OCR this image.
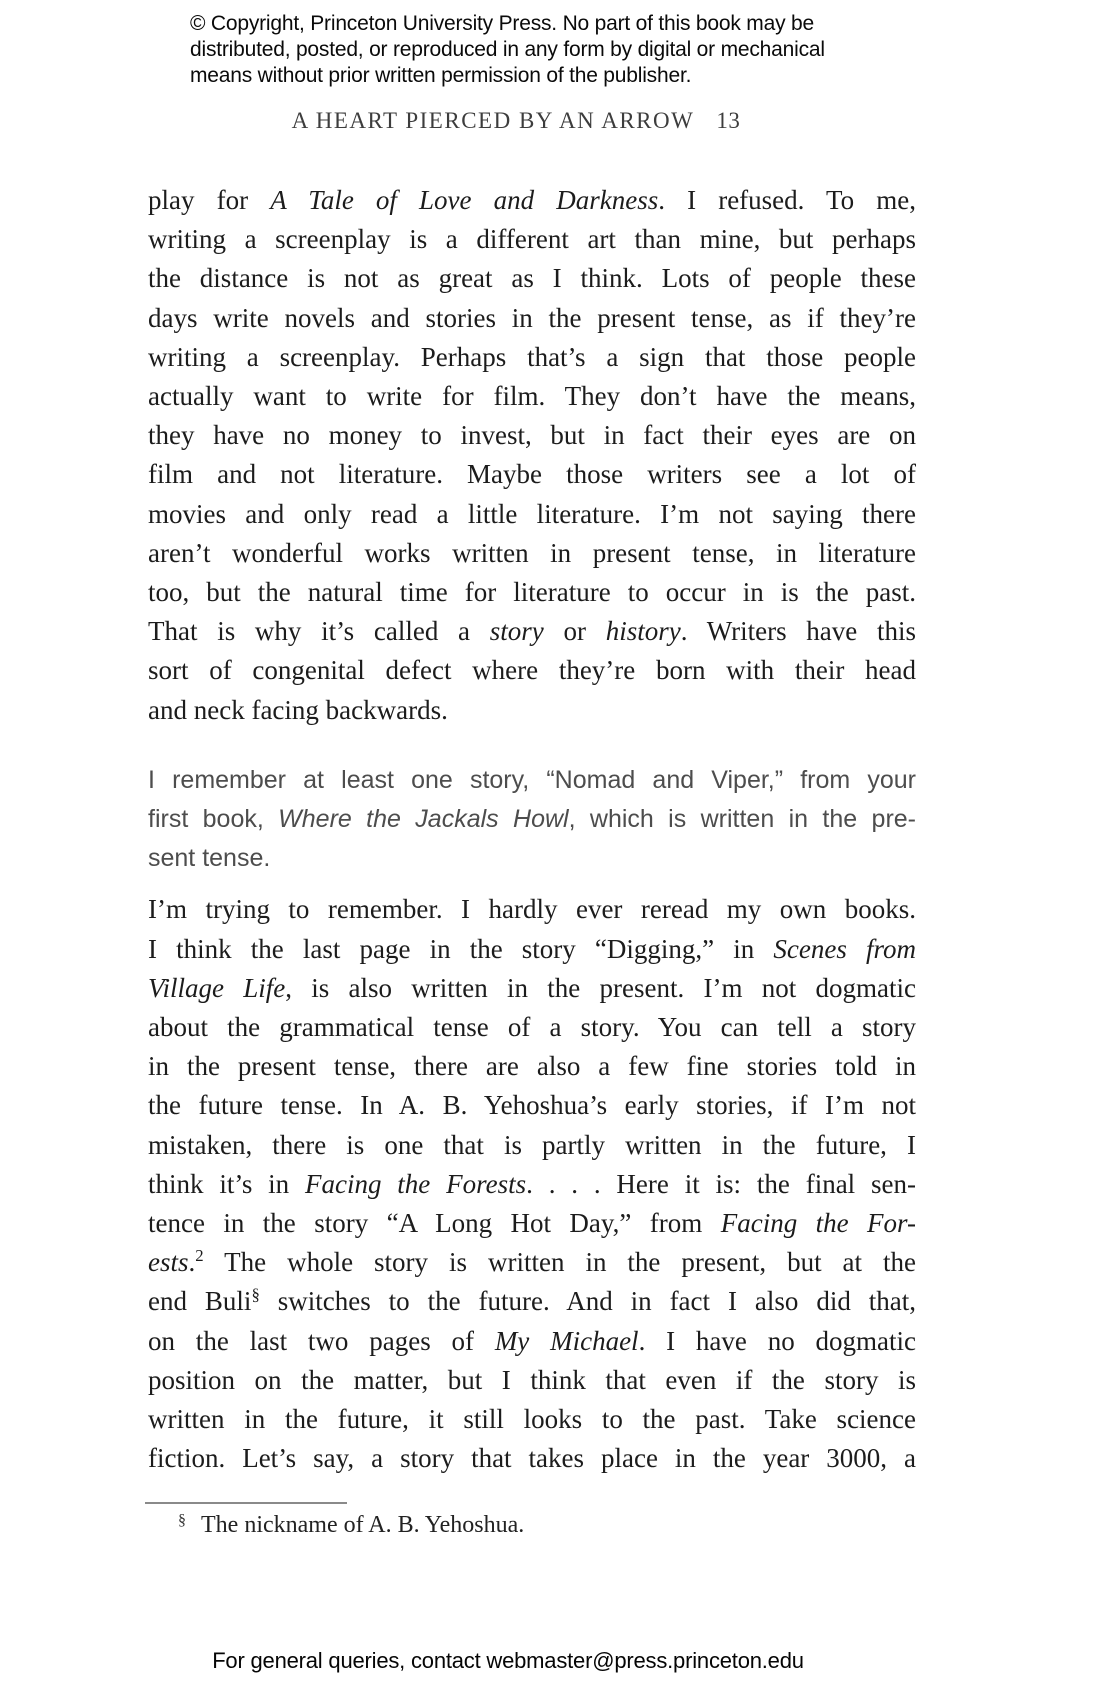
© Copyright, Princeton University Press. No part of this book may be
distributed, posted, or reproduced in any form by digital or mechanical
means without prior written permission of the publisher.
A HEART PIERCED BY AN ARROW 13
play for A Tale of Love and Darkness. I refused. To me,
writing a screenplay is a different art than mine, but perhaps
the distance is not as great as I think. Lots of people these
days write novels and stories in the present tense, as if they’re
writing a screenplay. Perhaps that’s a sign that those people
actually want to write for film. They don’t have the means,
they have no money to invest, but in fact their eyes are on
film and not literature. Maybe those writers see a lot of
movies and only read a little literature. I’m not saying there
aren’t wonderful works written in present tense, in literature
too, but the natural time for literature to occur in is the past.
That is why it’s called a story or history. Writers have this
sort of congenital defect where they’re born with their head
and neck facing backwards.
I remember at least one story, “Nomad and Viper,” from your
first book, Where the Jackals Howl, which is written in the pre-
sent tense.
I’m trying to remember. I hardly ever reread my own books.
I think the last page in the story “Digging,” in Scenes from
Village Life, is also written in the present. I’m not dogmatic
about the grammatical tense of a story. You can tell a story
in the present tense, there are also a few fine stories told in
the future tense. In A. B. Yehoshua’s early stories, if I’m not
mistaken, there is one that is partly written in the future, I
think it’s in Facing the Forests. . . . Here it is: the final sen-
tence in the story “A Long Hot Day,” from Facing the For-
ests.$^2$ The whole story is written in the present, but at the
end Buli§ switches to the future. And in fact I also did that,
on the last two pages of My Michael. I have no dogmatic
position on the matter, but I think that even if the story is
written in the future, it still looks to the past. Take science
fiction. Let’s say, a story that takes place in the year 3000, a
§ The nickname of A. B. Yehoshua.
For general queries, contact webmaster@press.princeton.edu
